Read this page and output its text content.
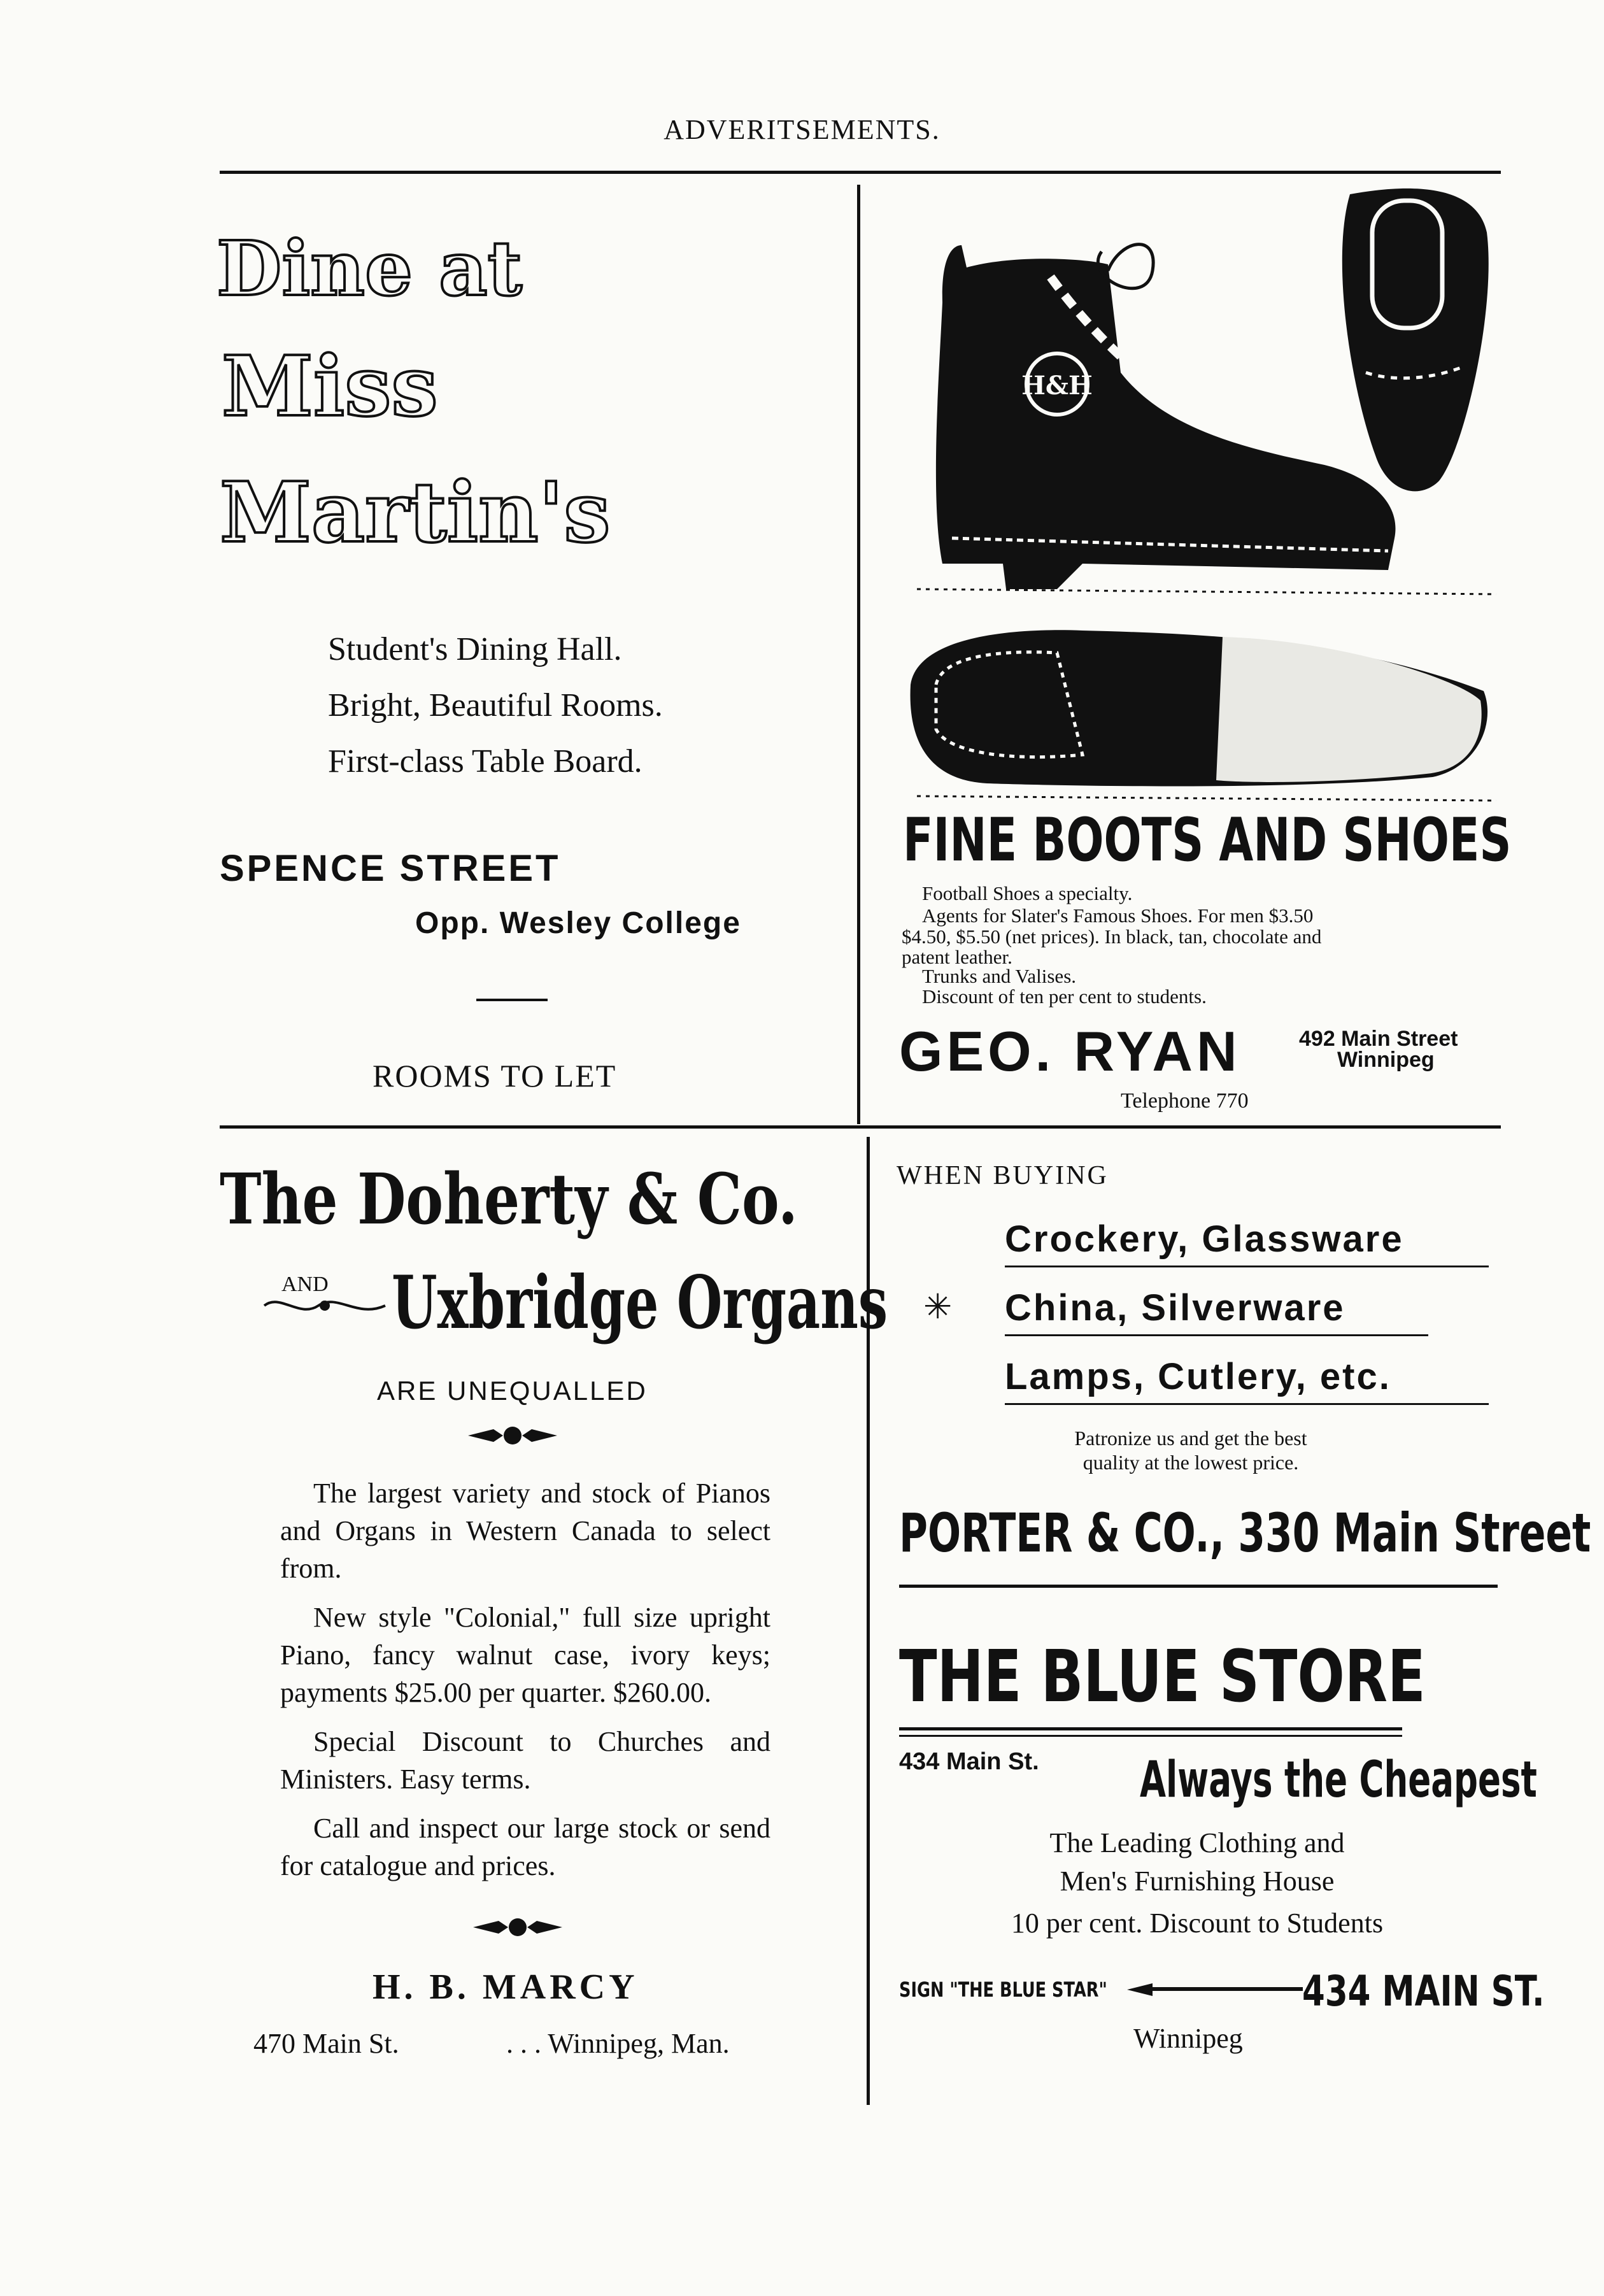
ADVERITSEMENTS.
Dine at
Miss
Martin's
Student's Dining Hall.
Bright, Beautiful Rooms.
First-class Table Board.
SPENCE STREET
Opp. Wesley College
ROOMS TO LET
H&H
FINE BOOTS AND SHOES
Football Shoes a specialty.
Agents for Slater's Famous Shoes. For men $3.50
$4.50, $5.50 (net prices). In black, tan, chocolate and
patent leather.
Trunks and Valises.
Discount of ten per cent to students.
GEO. RYAN	492 Main Street
Winnipeg
Telephone 770
The Doherty & Co.
AND Uxbridge Organs
ARE UNEQUALLED

The largest variety and stock of Pianos and Organs in Western Canada to select from.

New style "Colonial," full size upright Piano, fancy walnut case, ivory keys; payments $25.00 per quarter. $260.00.

Special Discount to Churches and Ministers. Easy terms.

Call and inspect our large stock or send for catalogue and prices.

H. B. MARCY
470 Main St.	. . . Winnipeg, Man.
WHEN BUYING
Crockery, Glassware
✳ China, Silverware
Lamps, Cutlery, etc.
Patronize us and get the best
quality at the lowest price.
PORTER & CO., 330 Main Street
THE BLUE STORE
434 Main St. Always the Cheapest
The Leading Clothing and
Men's Furnishing House
10 per cent. Discount to Students
SIGN "THE BLUE STAR"	434 MAIN ST.
Winnipeg
